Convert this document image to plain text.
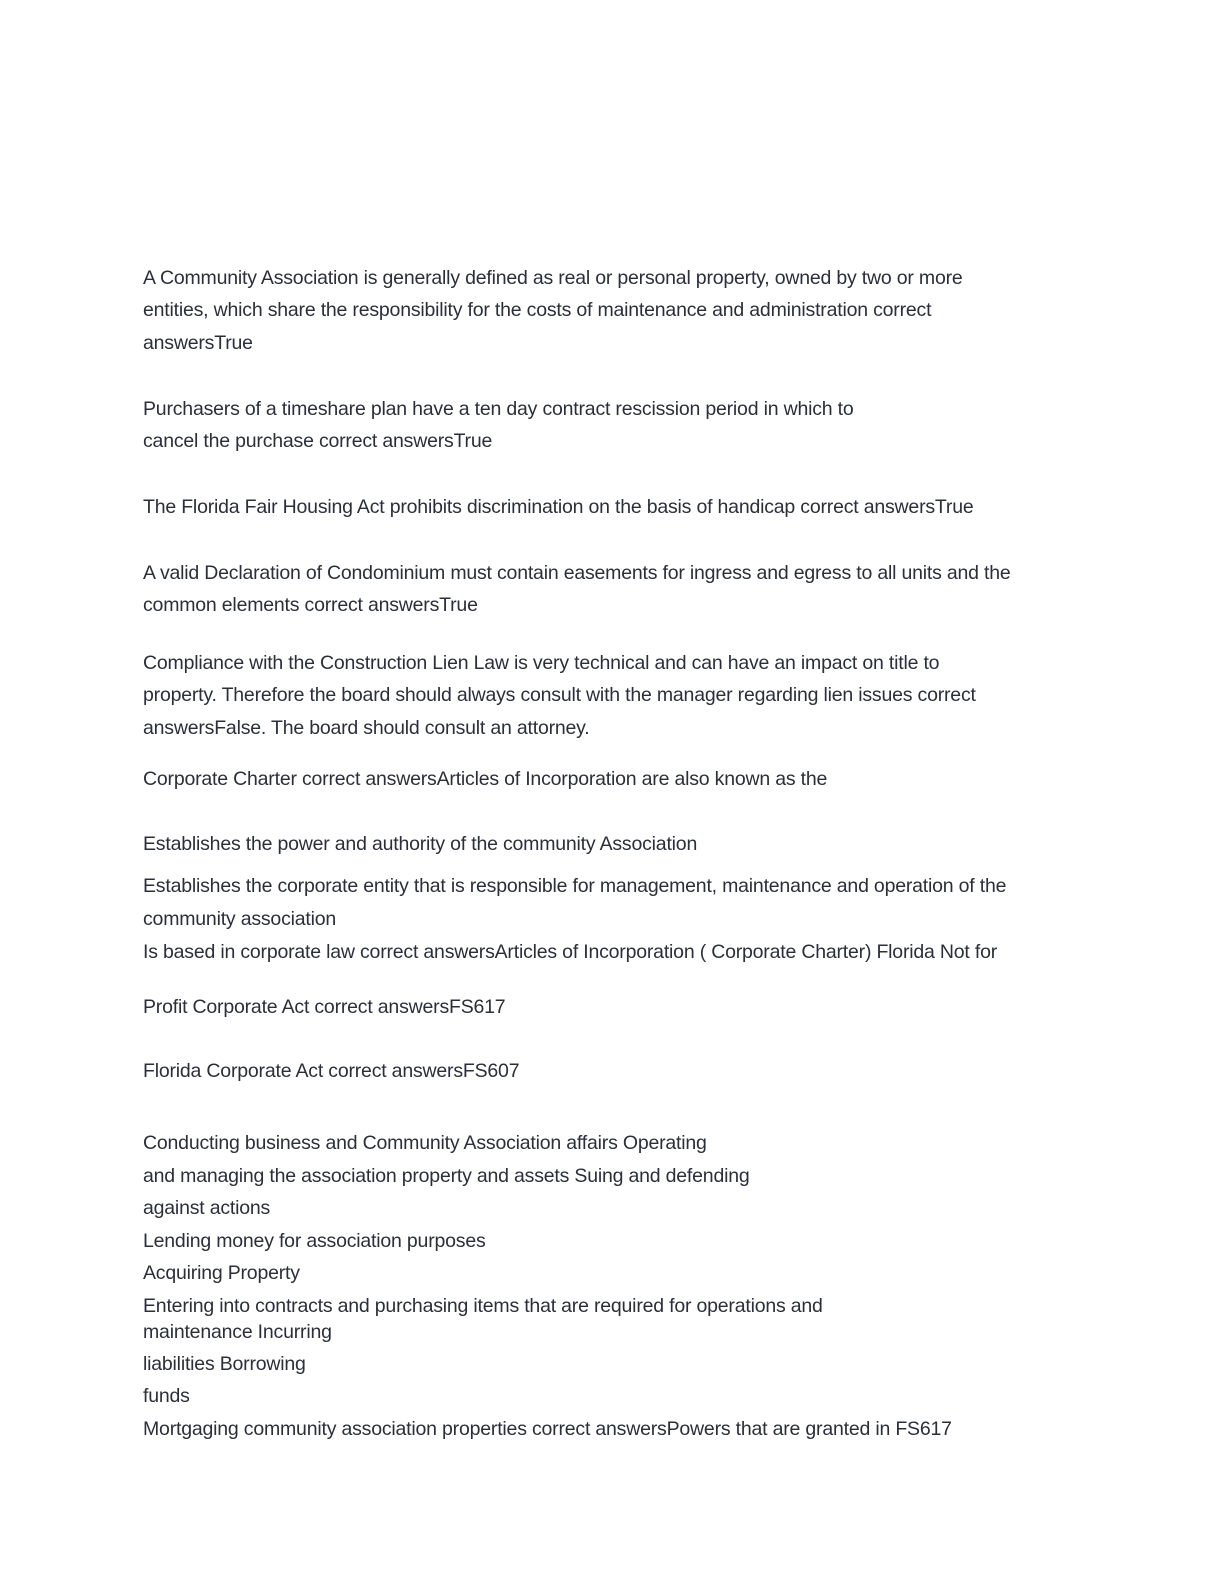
A Community Association is generally defined as real or personal property, owned by two or more

entities, which share the responsibility for the costs of maintenance and administration correct

answersTrue

Purchasers of a timeshare plan have a ten day contract rescission period in which to

cancel the purchase correct answersTrue

The Florida Fair Housing Act prohibits discrimination on the basis of handicap correct answersTrue

A valid Declaration of Condominium must contain easements for ingress and egress to all units and the

common elements correct answersTrue

Compliance with the Construction Lien Law is very technical and can have an impact on title to

property. Therefore the board should always consult with the manager regarding lien issues correct

answersFalse. The board should consult an attorney.

Corporate Charter correct answersArticles of Incorporation are also known as the

Establishes the power and authority of the community Association

Establishes the corporate entity that is responsible for management, maintenance and operation of the

community association

Is based in corporate law correct answersArticles of Incorporation ( Corporate Charter) Florida Not for

Profit Corporate Act correct answersFS617

Florida Corporate Act correct answersFS607

Conducting business and Community Association affairs Operating

and managing the association property and assets Suing and defending

against actions

Lending money for association purposes

Acquiring Property

Entering into contracts and purchasing items that are required for operations and

maintenance Incurring

liabilities Borrowing

funds

Mortgaging community association properties correct answersPowers that are granted in FS617
